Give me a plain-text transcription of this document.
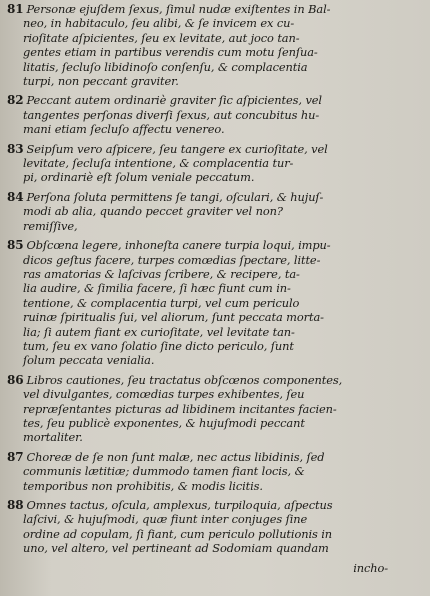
81 Personæ ejuſdem ſexus, ſimul nudæ exiſtentes in Bal-
neo, in habitaculo, ſeu alibi, & ſe invicem ex cu-
rioſitate aſpicientes, ſeu ex levitate, aut joco tan-
gentes etiam in partibus verendis cum motu ſenſua-
litatis, ſecluſo libidinoſo conſenſu, & complacentia
turpi, non peccant graviter.
82 Peccant autem ordinariè graviter ſic aſpicientes, vel
tangentes perſonas diverſi ſexus, aut concubitus hu-
mani etiam ſecluſo affectu venereo.
83 Seipſum vero aſpicere, ſeu tangere ex curioſitate, vel
levitate, ſecluſa intentione, & complacentia tur-
pi, ordinariè eſt ſolum veniale peccatum.
84 Perſona ſoluta permittens ſe tangi, oſculari, & hujuſ-
modi ab alia, quando peccet graviter vel non?
remiſſive,
85 Obſcœna legere, inhoneſta canere turpia loqui, impu-
dicos geſtus facere, turpes comœdias ſpectare, litte-
ras amatorias & laſcivas ſcribere, & recipere, ta-
lia audire, & ſimilia facere, ſi hæc fiunt cum in-
tentione, & complacentia turpi, vel cum periculo
ruinæ ſpiritualis ſui, vel aliorum, ſunt peccata morta-
lia; ſi autem fiant ex curioſitate, vel levitate tan-
tum, ſeu ex vano ſolatio ſine dicto periculo, ſunt
ſolum peccata venialia.
86 Libros cautiones, ſeu tractatus obſcœnos componentes,
vel divulgantes, comœdias turpes exhibentes, ſeu
repræſentantes picturas ad libidinem incitantes facien-
tes, ſeu publicè exponentes, & hujuſmodi peccant
mortaliter.
87 Choreæ de ſe non ſunt malæ, nec actus libidinis, ſed
communis lætitiæ; dummodo tamen fiant locis, &
temporibus non prohibitis, & modis licitis.
88 Omnes tactus, oſcula, amplexus, turpiloquia, aſpectus
laſcivi, & hujuſmodi, quæ fiunt inter conjuges ſine
ordine ad copulam, ſi fiant, cum periculo pollutionis in
uno, vel altero, vel pertineant ad Sodomiam quandam
incho-
